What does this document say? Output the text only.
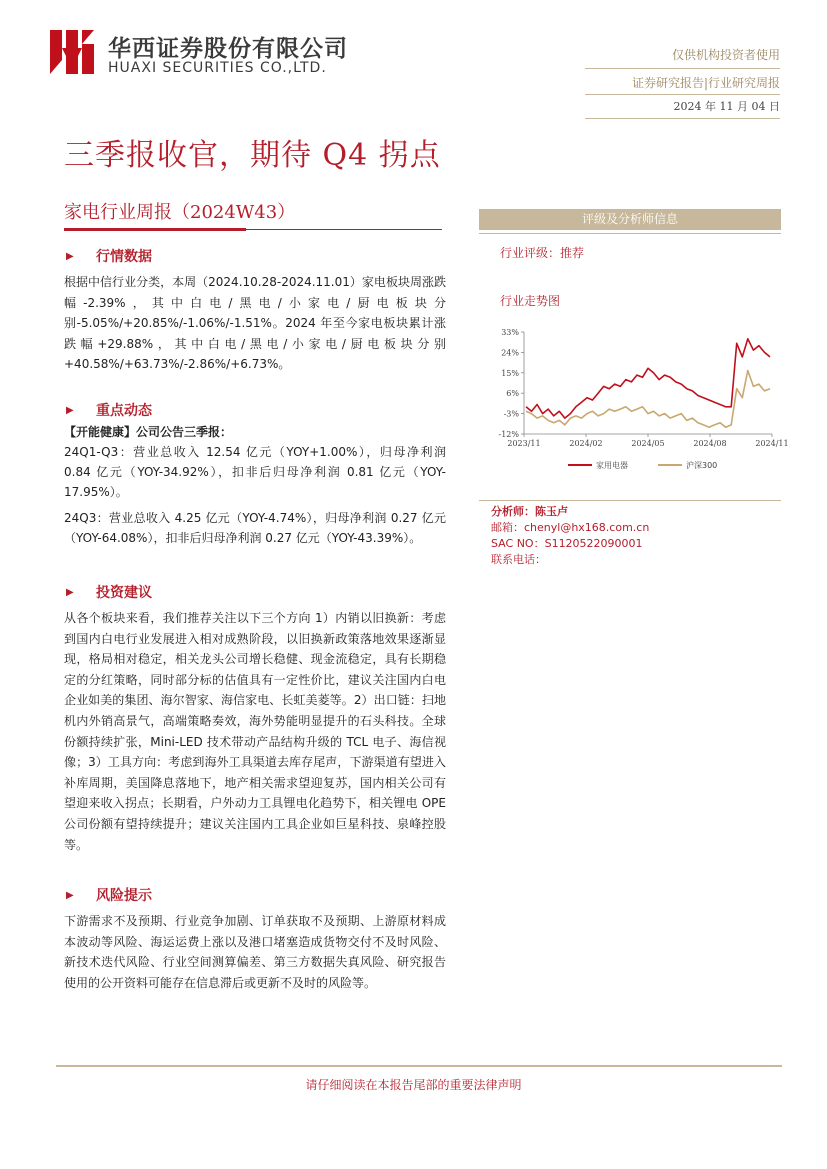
华西证券股份有限公司
HUAXI SECURITIES CO.,LTD.
仅供机构投资者使用
证券研究报告|行业研究周报
2024 年 11 月 04 日
三季报收官，期待 Q4 拐点
家电行业周报（2024W43）
▶	行情数据

根据中信行业分类，本周（2024.10.28-2024.11.01）家电板块周涨跌幅-2.39%，其中白电/黑电/小家电/厨电板块分别-5.05%/+20.85%/-1.06%/-1.51%。2024 年至今家电板块累计涨跌幅+29.88%，其中白电/黑电/小家电/厨电板块分别+40.58%/+63.73%/-2.86%/+6.73%。

▶	重点动态
【开能健康】公司公告三季报：

24Q1-Q3：营业总收入 12.54 亿元（YOY+1.00%），归母净利润 0.84 亿元（YOY-34.92%），扣非后归母净利润 0.81 亿元（YOY-17.95%）。

24Q3：营业总收入 4.25 亿元（YOY-4.74%），归母净利润 0.27 亿元（YOY-64.08%），扣非后归母净利润 0.27 亿元（YOY-43.39%）。

▶	投资建议

从各个板块来看，我们推荐关注以下三个方向 1）内销以旧换新：考虑到国内白电行业发展进入相对成熟阶段，以旧换新政策落地效果逐渐显现，格局相对稳定，相关龙头公司增长稳健、现金流稳定，具有长期稳定的分红策略，同时部分标的估值具有一定性价比，建议关注国内白电企业如美的集团、海尔智家、海信家电、长虹美菱等。2）出口链：扫地机内外销高景气，高端策略奏效，海外势能明显提升的石头科技。全球份额持续扩张，Mini-LED 技术带动产品结构升级的 TCL 电子、海信视像；3）工具方向：考虑到海外工具渠道去库存尾声，下游渠道有望进入补库周期，美国降息落地下，地产相关需求望迎复苏，国内相关公司有望迎来收入拐点；长期看，户外动力工具锂电化趋势下，相关锂电 OPE 公司份额有望持续提升；建议关注国内工具企业如巨星科技、泉峰控股等。

▶	风险提示

下游需求不及预期、行业竞争加剧、订单获取不及预期、上游原材料成本波动等风险、海运运费上涨以及港口堵塞造成货物交付不及时风险、新技术迭代风险、行业空间测算偏差、第三方数据失真风险、研究报告使用的公开资料可能存在信息滞后或更新不及时的风险等。

评级及分析师信息
行业评级：推荐
行业走势图
33%
24%
15%
6%
-3%
-12%
2023/11	2024/02	2024/05	2024/08	2024/11
家用电器	沪深300
分析师：陈玉卢
邮箱：chenyl@hx168.com.cn
SAC NO：S1120522090001
联系电话：
请仔细阅读在本报告尾部的重要法律声明
